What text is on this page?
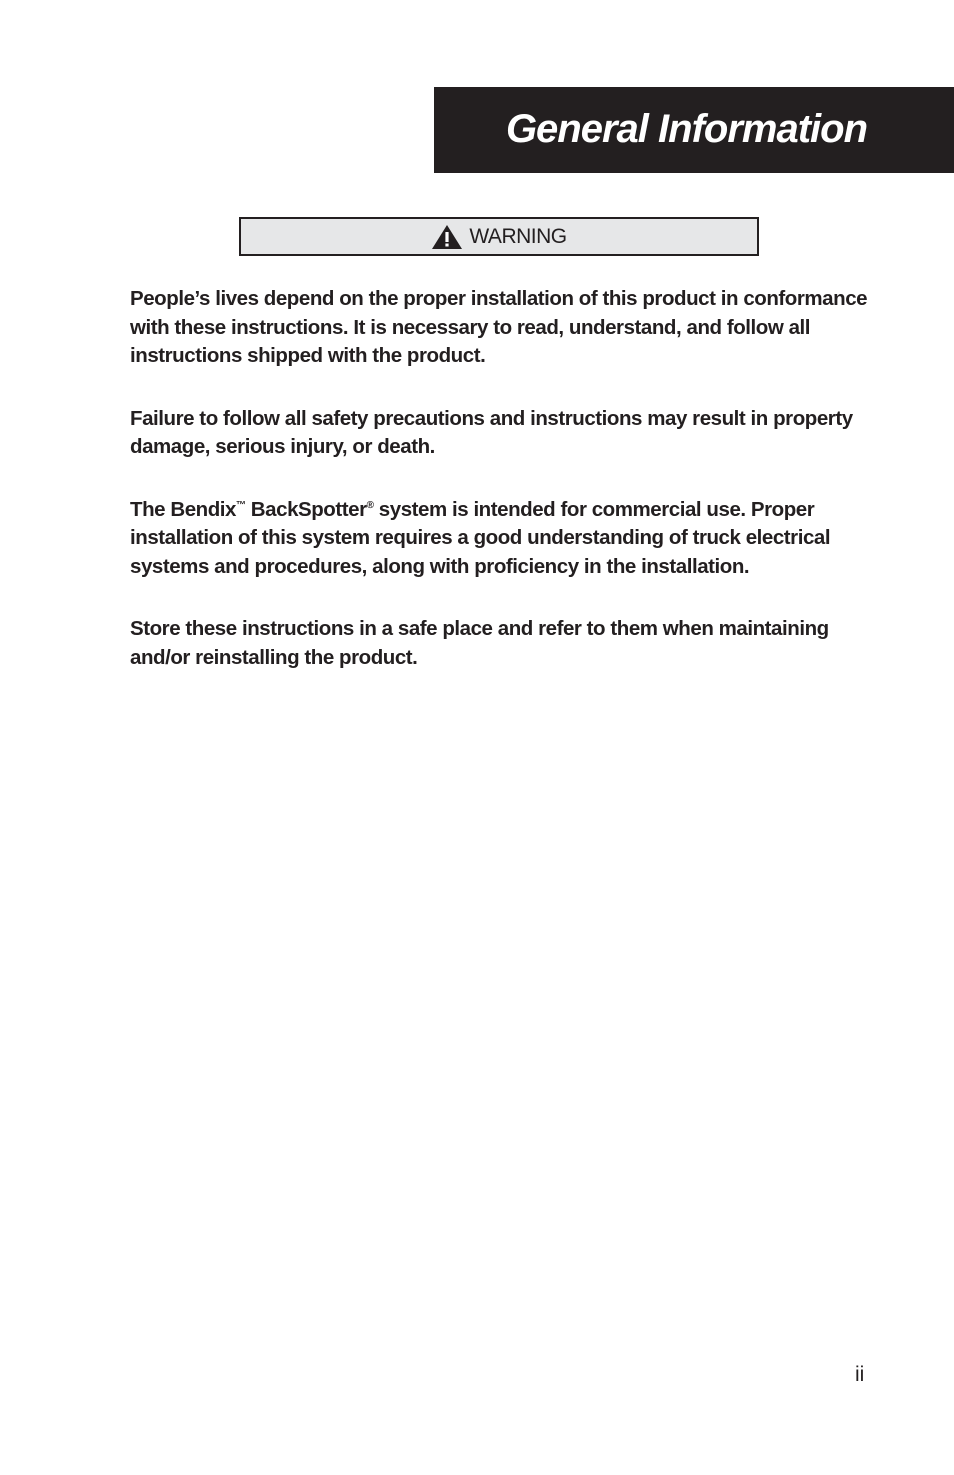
General Information
WARNING

People’s lives depend on the proper installation of this product in conformance with these instructions. It is necessary to read, understand, and follow all instructions shipped with the product.

Failure to follow all safety precautions and instructions may result in property damage, serious injury, or death.

The Bendix™ BackSpotter® system is intended for commercial use. Proper installation of this system requires a good understanding of truck electrical systems and procedures, along with proficiency in the installation.

Store these instructions in a safe place and refer to them when maintaining and/or reinstalling the product.

ii
